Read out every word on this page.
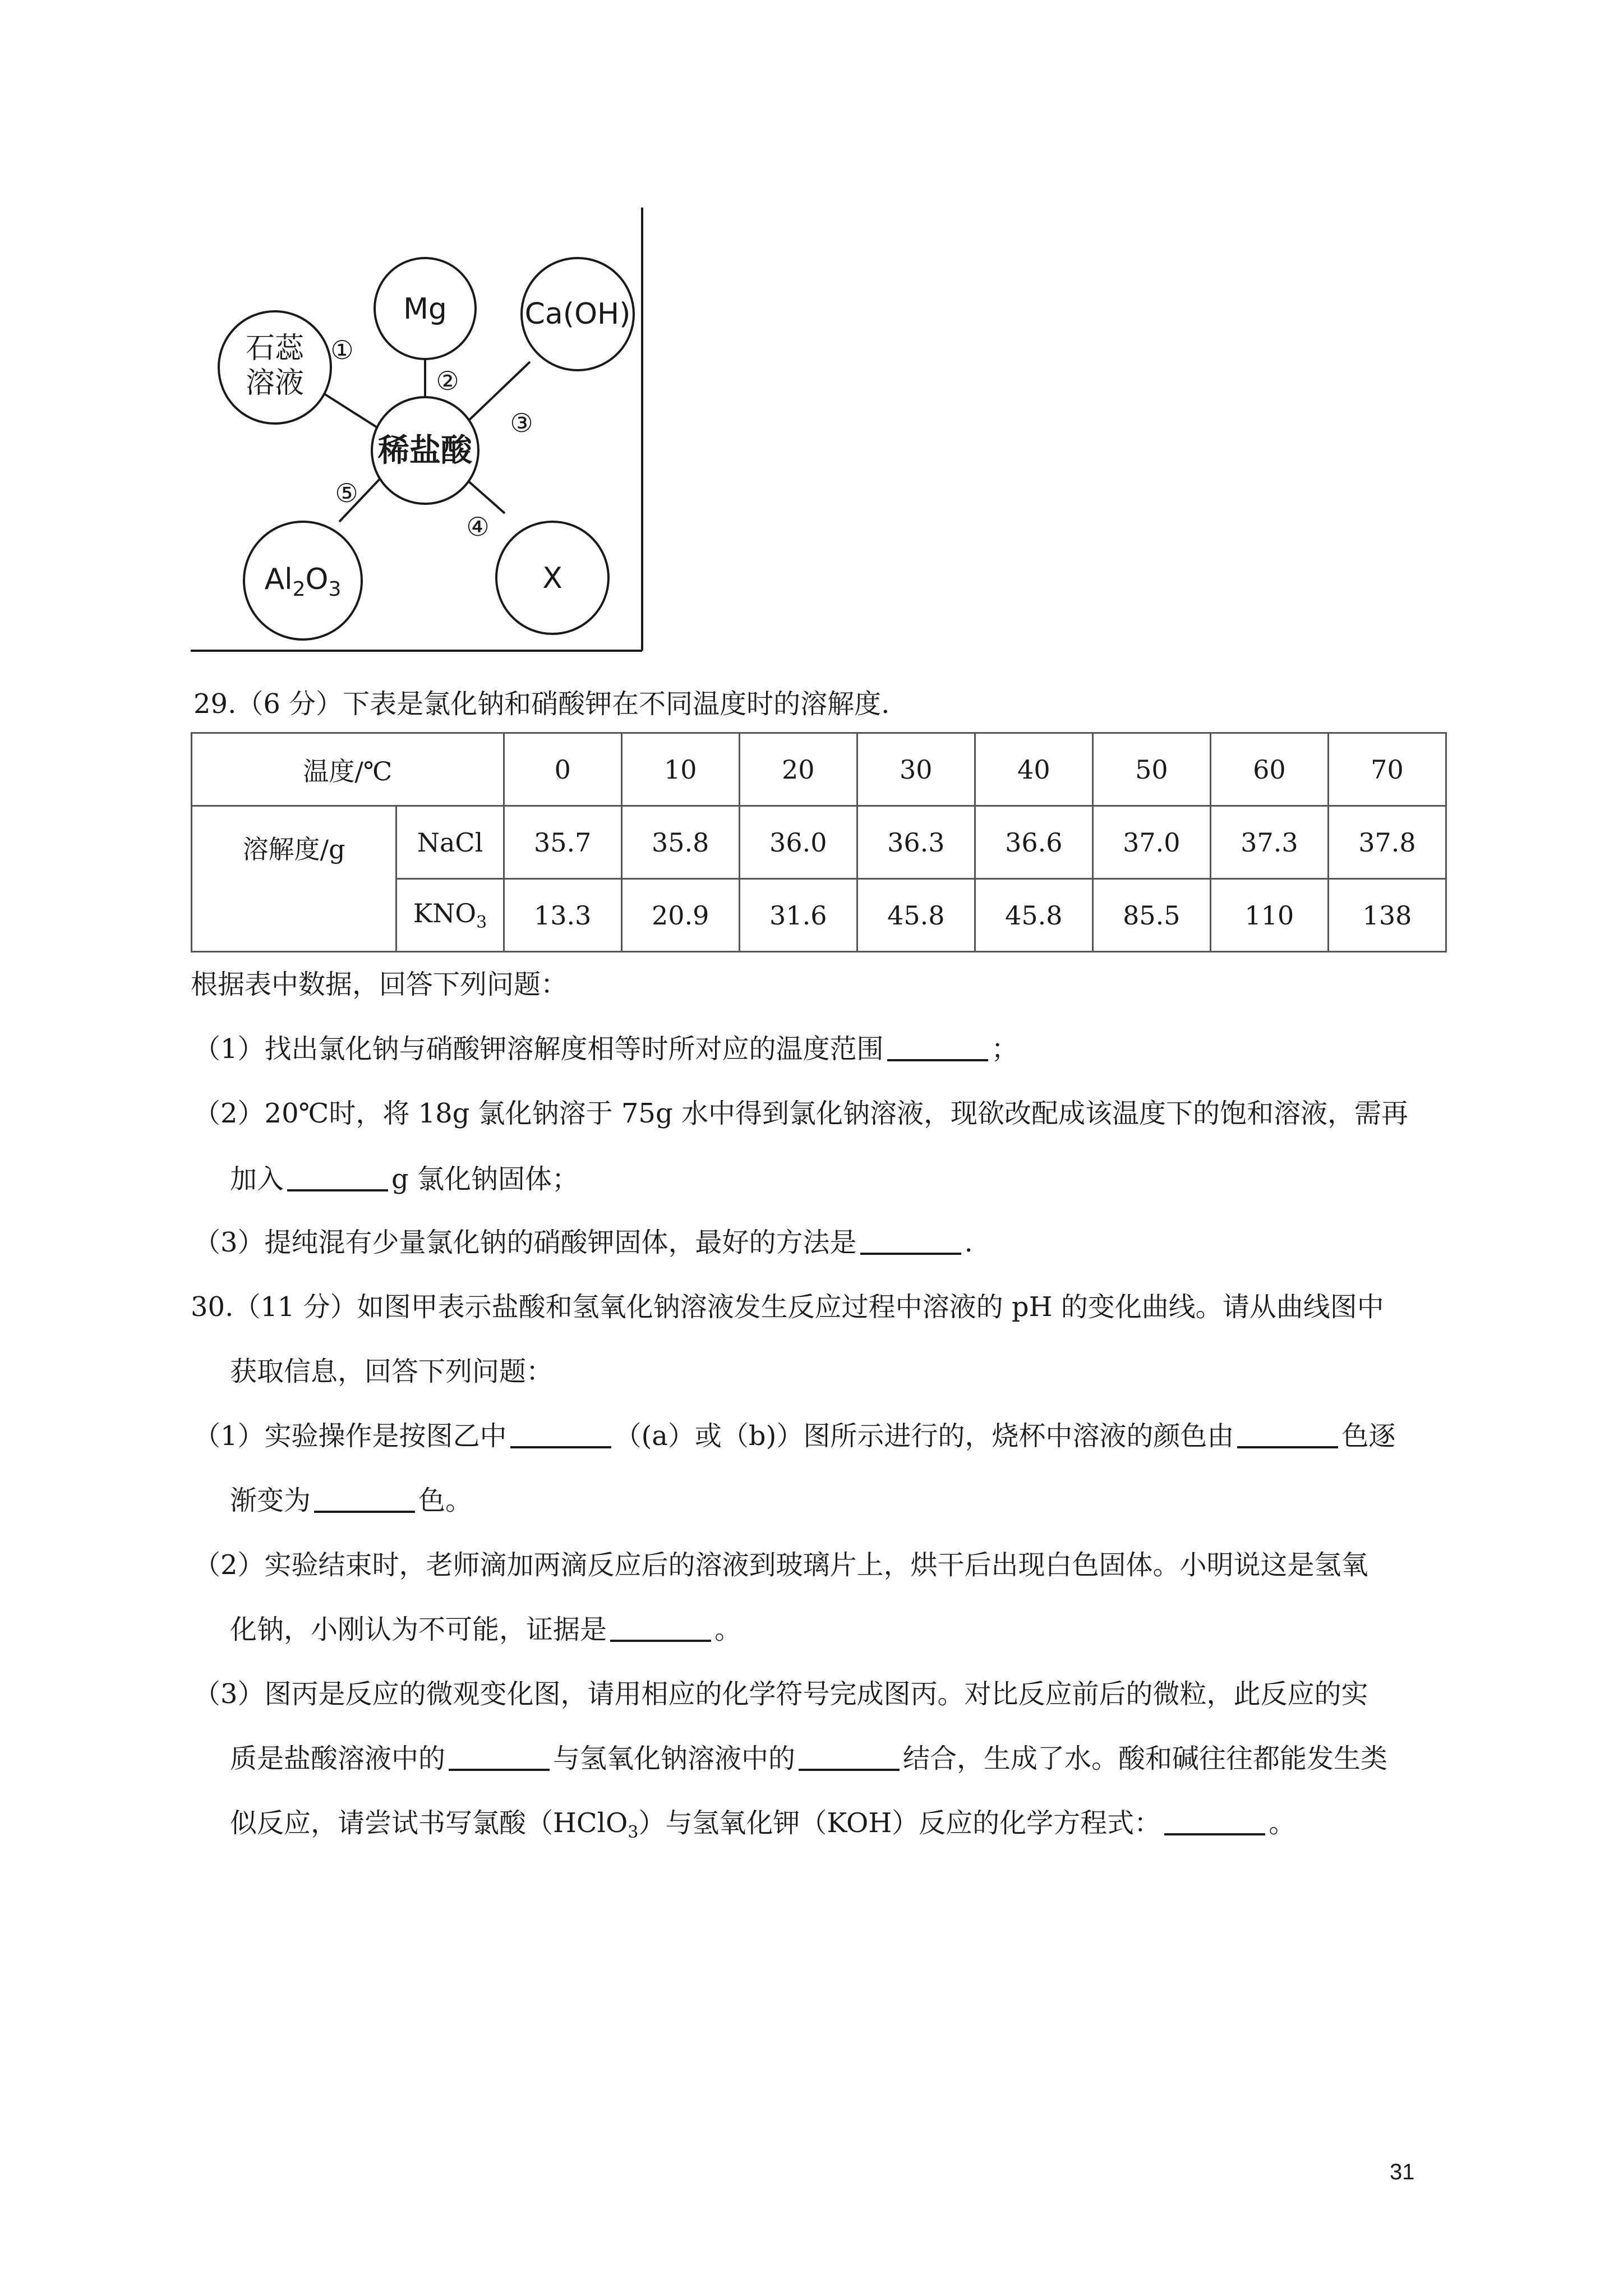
Mg
石蕊
溶液
Ca(OH)
稀盐酸
$Al_2O_3$	X
①
②
③
④
⑤
29.（6 分）下表是氯化钠和硝酸钾在不同温度时的溶解度.
温度/℃		0	10	20	30	40	50	60	70
溶解度/g	NaCl	35.7	35.8	36.0	36.3	36.6	37.0	37.3	37.8
	$KNO_3$	13.3	20.9	31.6	45.8	45.8	85.5	110	138
根据表中数据，回答下列问题：
（1）找出氯化钠与硝酸钾溶解度相等时所对应的温度范围	；
（2）20℃时，将 18g 氯化钠溶于 75g 水中得到氯化钠溶液，现欲改配成该温度下的饱和溶液，需再
加入	g 氯化钠固体；
（3）提纯混有少量氯化钠的硝酸钾固体，最好的方法是	.
30.（11 分）如图甲表示盐酸和氢氧化钠溶液发生反应过程中溶液的 pH 的变化曲线。请从曲线图中
获取信息，回答下列问题：
（1）实验操作是按图乙中	（(a）或（b)）图所示进行的，烧杯中溶液的颜色由	色逐
渐变为	色。
（2）实验结束时，老师滴加两滴反应后的溶液到玻璃片上，烘干后出现白色固体。小明说这是氢氧
化钠，小刚认为不可能，证据是	。
（3）图丙是反应的微观变化图，请用相应的化学符号完成图丙。对比反应前后的微粒，此反应的实
质是盐酸溶液中的	与氢氧化钠溶液中的	结合，生成了水。酸和碱往往都能发生类
似反应，请尝试书写氯酸（HClO$_3$）与氢氧化钾（KOH）反应的化学方程式：	。
31
